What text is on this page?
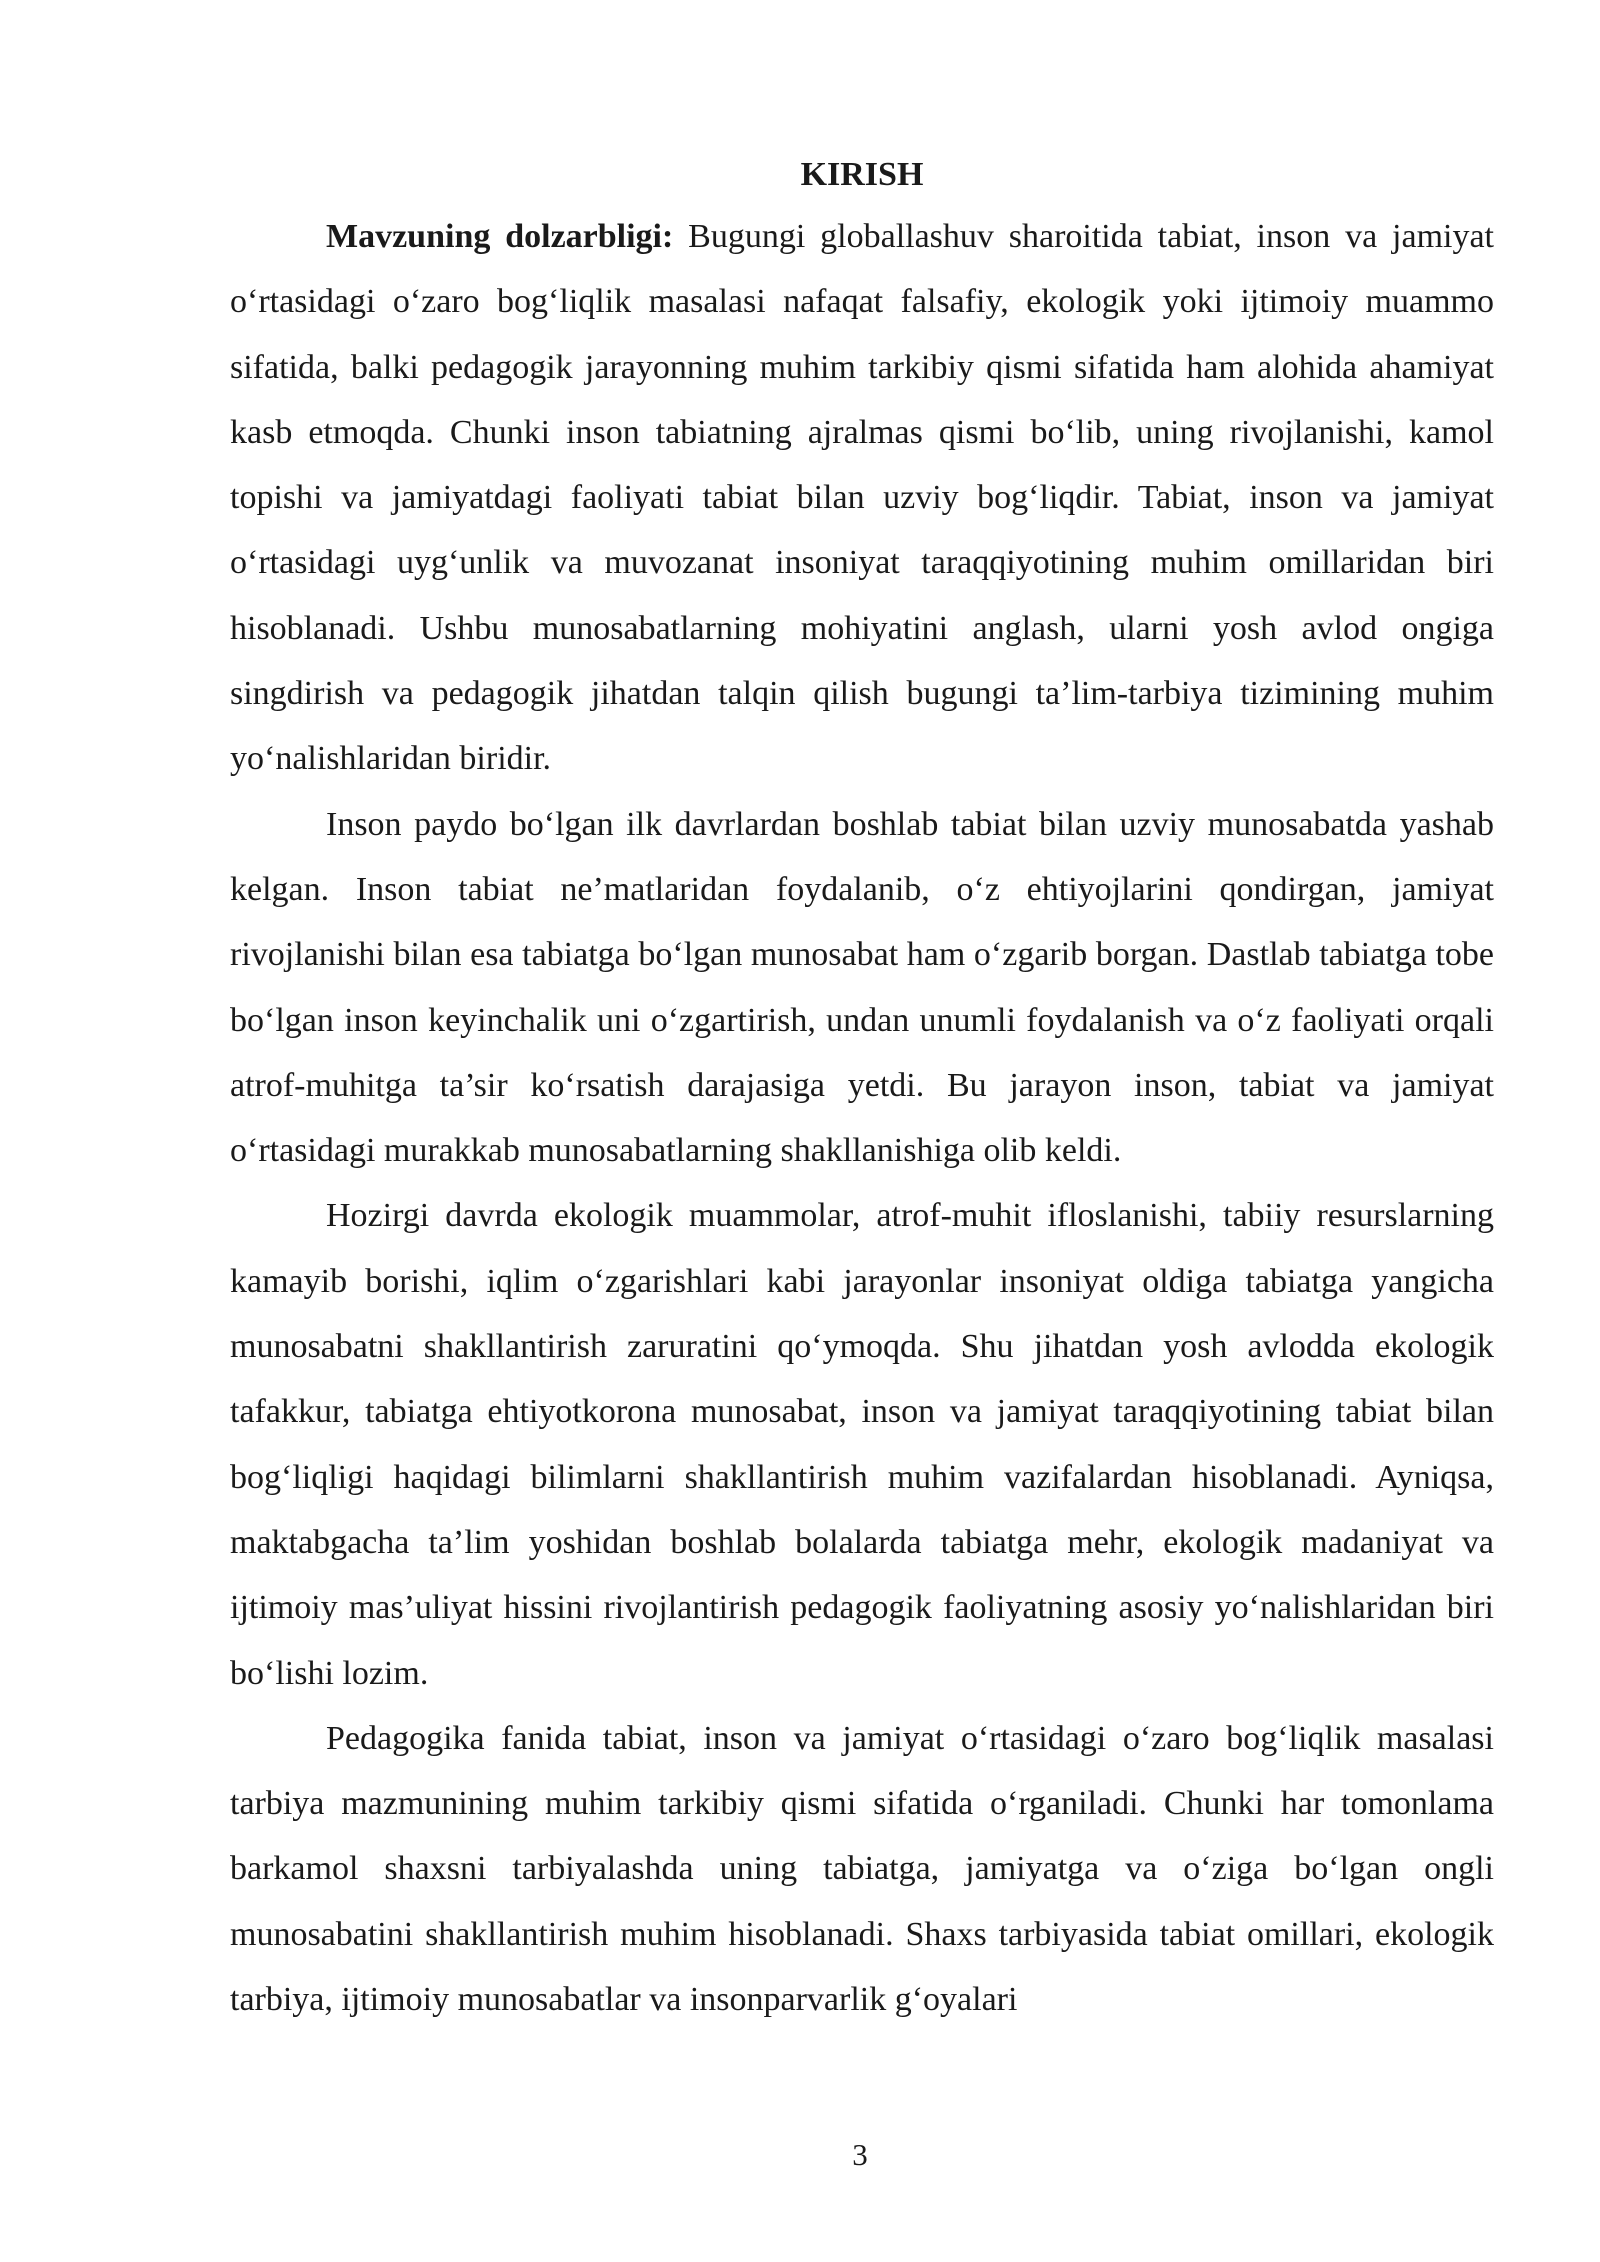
KIRISH

Mavzuning dolzarbligi: Bugungi globallashuv sharoitida tabiat, inson va jamiyat o‘rtasidagi o‘zaro bog‘liqlik masalasi nafaqat falsafiy, ekologik yoki ijtimoiy muammo sifatida, balki pedagogik jarayonning muhim tarkibiy qismi sifatida ham alohida ahamiyat kasb etmoqda. Chunki inson tabiatning ajralmas qismi bo‘lib, uning rivojlanishi, kamol topishi va jamiyatdagi faoliyati tabiat bilan uzviy bog‘liqdir. Tabiat, inson va jamiyat o‘rtasidagi uyg‘unlik va muvozanat insoniyat taraqqiyotining muhim omillaridan biri hisoblanadi. Ushbu munosabatlarning mohiyatini anglash, ularni yosh avlod ongiga singdirish va pedagogik jihatdan talqin qilish bugungi ta’lim-tarbiya tizimining muhim yo‘nalishlaridan biridir.

Inson paydo bo‘lgan ilk davrlardan boshlab tabiat bilan uzviy munosabatda yashab kelgan. Inson tabiat ne’matlaridan foydalanib, o‘z ehtiyojlarini qondirgan, jamiyat rivojlanishi bilan esa tabiatga bo‘lgan munosabat ham o‘zgarib borgan. Dastlab tabiatga tobe bo‘lgan inson keyinchalik uni o‘zgartirish, undan unumli foydalanish va o‘z faoliyati orqali atrof-muhitga ta’sir ko‘rsatish darajasiga yetdi. Bu jarayon inson, tabiat va jamiyat o‘rtasidagi murakkab munosabatlarning shakllanishiga olib keldi.

Hozirgi davrda ekologik muammolar, atrof-muhit ifloslanishi, tabiiy resurslarning kamayib borishi, iqlim o‘zgarishlari kabi jarayonlar insoniyat oldiga tabiatga yangicha munosabatni shakllantirish zaruratini qo‘ymoqda. Shu jihatdan yosh avlodda ekologik tafakkur, tabiatga ehtiyotkorona munosabat, inson va jamiyat taraqqiyotining tabiat bilan bog‘liqligi haqidagi bilimlarni shakllantirish muhim vazifalardan hisoblanadi. Ayniqsa, maktabgacha ta’lim yoshidan boshlab bolalarda tabiatga mehr, ekologik madaniyat va ijtimoiy mas’uliyat hissini rivojlantirish pedagogik faoliyatning asosiy yo‘nalishlaridan biri bo‘lishi lozim.

Pedagogika fanida tabiat, inson va jamiyat o‘rtasidagi o‘zaro bog‘liqlik masalasi tarbiya mazmunining muhim tarkibiy qismi sifatida o‘rganiladi. Chunki har tomonlama barkamol shaxsni tarbiyalashda uning tabiatga, jamiyatga va o‘ziga bo‘lgan ongli munosabatini shakllantirish muhim hisoblanadi. Shaxs tarbiyasida tabiat omillari, ekologik tarbiya, ijtimoiy munosabatlar va insonparvarlik g‘oyalari

3
